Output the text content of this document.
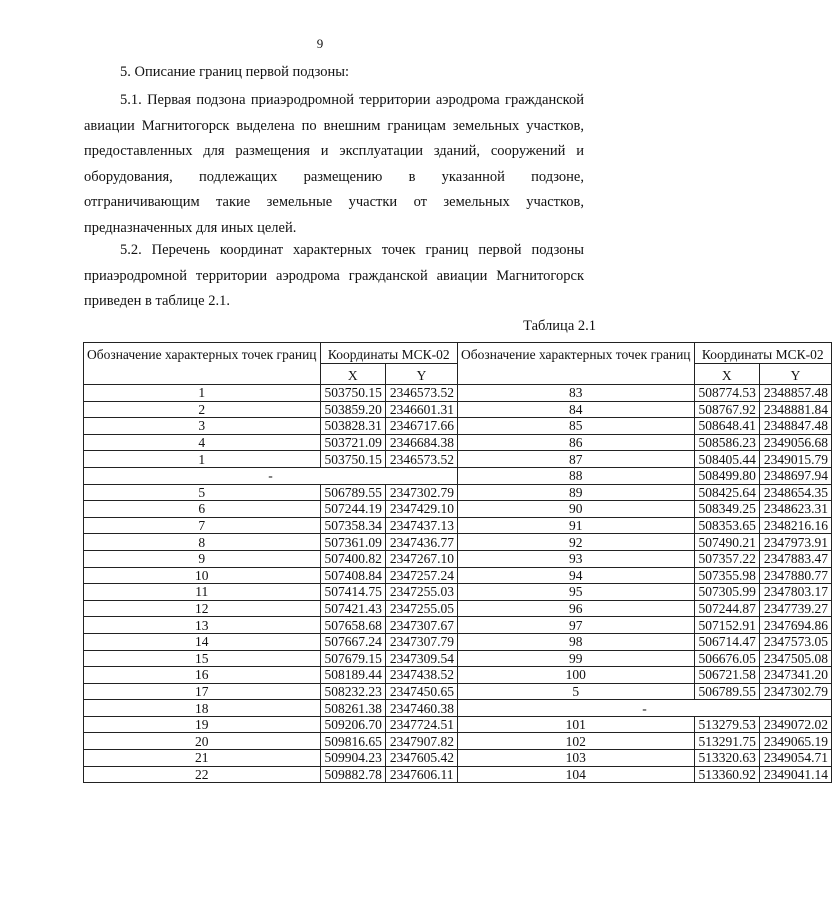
9
5. Описание границ первой подзоны:

5.1. Первая подзона приаэродромной территории аэродрома гражданской авиации Магнитогорск выделена по внешним границам земельных участков, предоставленных для размещения и эксплуатации зданий, сооружений и оборудования, подлежащих размещению в указанной подзоне, отграничивающим такие земельные участки от земельных участков, предназначенных для иных целей.

5.2. Перечень координат характерных точек границ первой подзоны приаэродромной территории аэродрома гражданской авиации Магнитогорск приведен в таблице 2.1.

Таблица 2.1
Обозначение характерных точек границ	Координаты МСК-02		Обозначение характерных точек границ	Координаты МСК-02	
	X	Y		X	Y
1	503750.15	2346573.52	83	508774.53	2348857.48
2	503859.20	2346601.31	84	508767.92	2348881.84
3	503828.31	2346717.66	85	508648.41	2348847.48
4	503721.09	2346684.38	86	508586.23	2349056.68
1	503750.15	2346573.52	87	508405.44	2349015.79
-			88	508499.80	2348697.94
5	506789.55	2347302.79	89	508425.64	2348654.35
6	507244.19	2347429.10	90	508349.25	2348623.31
7	507358.34	2347437.13	91	508353.65	2348216.16
8	507361.09	2347436.77	92	507490.21	2347973.91
9	507400.82	2347267.10	93	507357.22	2347883.47
10	507408.84	2347257.24	94	507355.98	2347880.77
11	507414.75	2347255.03	95	507305.99	2347803.17
12	507421.43	2347255.05	96	507244.87	2347739.27
13	507658.68	2347307.67	97	507152.91	2347694.86
14	507667.24	2347307.79	98	506714.47	2347573.05
15	507679.15	2347309.54	99	506676.05	2347505.08
16	508189.44	2347438.52	100	506721.58	2347341.20
17	508232.23	2347450.65	5	506789.55	2347302.79
18	508261.38	2347460.38	-		
19	509206.70	2347724.51	101	513279.53	2349072.02
20	509816.65	2347907.82	102	513291.75	2349065.19
21	509904.23	2347605.42	103	513320.63	2349054.71
22	509882.78	2347606.11	104	513360.92	2349041.14
